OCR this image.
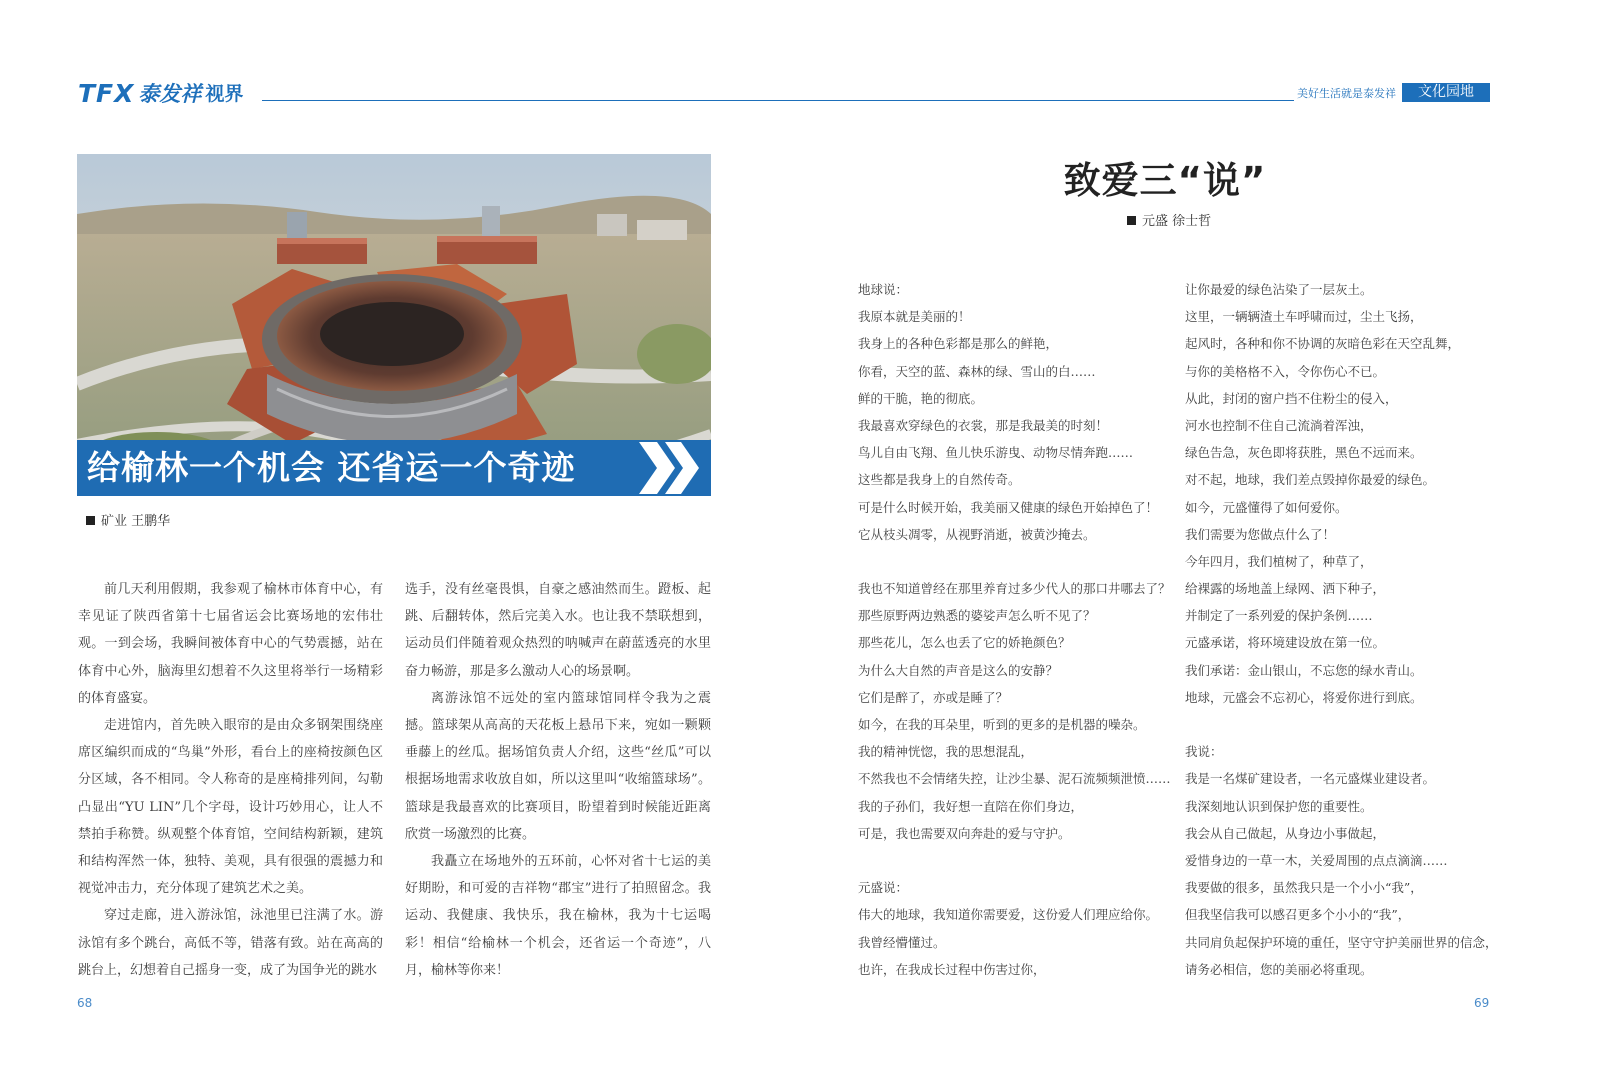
TFX 泰发祥 视界	美好生活就是泰发祥	文化园地
给榆林一个机会 还省运一个奇迹
矿业 王鹏华

前几天利用假期，我参观了榆林市体育中心，有幸见证了陕西省第十七届省运会比赛场地的宏伟壮观。一到会场，我瞬间被体育中心的气势震撼，站在体育中心外，脑海里幻想着不久这里将举行一场精彩的体育盛宴。

走进馆内，首先映入眼帘的是由众多钢架围绕座席区编织而成的“鸟巢”外形，看台上的座椅按颜色区分区域，各不相同。令人称奇的是座椅排列间，勾勒凸显出“YU LIN”几个字母，设计巧妙用心，让人不禁拍手称赞。纵观整个体育馆，空间结构新颖，建筑和结构浑然一体，独特、美观，具有很强的震撼力和视觉冲击力，充分体现了建筑艺术之美。

穿过走廊，进入游泳馆，泳池里已注满了水。游泳馆有多个跳台，高低不等，错落有致。站在高高的跳台上，幻想着自己摇身一变，成了为国争光的跳水

选手，没有丝毫畏惧，自豪之感油然而生。蹬板、起跳、后翻转体，然后完美入水。也让我不禁联想到，运动员们伴随着观众热烈的呐喊声在蔚蓝透亮的水里奋力畅游，那是多么激动人心的场景啊。

离游泳馆不远处的室内篮球馆同样令我为之震撼。篮球架从高高的天花板上悬吊下来，宛如一颗颗垂藤上的丝瓜。据场馆负责人介绍，这些“丝瓜”可以根据场地需求收放自如，所以这里叫“收缩篮球场”。篮球是我最喜欢的比赛项目，盼望着到时候能近距离欣赏一场激烈的比赛。

我矗立在场地外的五环前，心怀对省十七运的美好期盼，和可爱的吉祥物“郡宝”进行了拍照留念。我运动、我健康、我快乐，我在榆林，我为十七运喝彩！相信“给榆林一个机会，还省运一个奇迹”，八月，榆林等你来！

68
致爱三“说”
元盛 徐士哲
地球说：
我原本就是美丽的！
我身上的各种色彩都是那么的鲜艳，
你看，天空的蓝、森林的绿、雪山的白……
鲜的干脆，艳的彻底。
我最喜欢穿绿色的衣裳，那是我最美的时刻！
鸟儿自由飞翔、鱼儿快乐游曳、动物尽情奔跑……
这些都是我身上的自然传奇。
可是什么时候开始，我美丽又健康的绿色开始掉色了！
它从枝头凋零，从视野消逝，被黄沙掩去。
我也不知道曾经在那里养育过多少代人的那口井哪去了？
那些原野两边熟悉的婆娑声怎么听不见了？
那些花儿，怎么也丢了它的娇艳颜色？
为什么大自然的声音是这么的安静？
它们是醉了，亦或是睡了？
如今，在我的耳朵里，听到的更多的是机器的噪杂。
我的精神恍惚，我的思想混乱，
不然我也不会情绪失控，让沙尘暴、泥石流频频泄愤……
我的子孙们，我好想一直陪在你们身边，
可是，我也需要双向奔赴的爱与守护。
元盛说：
伟大的地球，我知道你需要爱，这份爱人们理应给你。
我曾经懵懂过。
也许，在我成长过程中伤害过你，
让你最爱的绿色沾染了一层灰土。
这里，一辆辆渣土车呼啸而过，尘土飞扬，
起风时，各种和你不协调的灰暗色彩在天空乱舞，
与你的美格格不入，令你伤心不已。
从此，封闭的窗户挡不住粉尘的侵入，
河水也控制不住自己流淌着浑浊，
绿色告急，灰色即将获胜，黑色不远而来。
对不起，地球，我们差点毁掉你最爱的绿色。
如今，元盛懂得了如何爱你。
我们需要为您做点什么了！
今年四月，我们植树了，种草了，
给裸露的场地盖上绿网、洒下种子，
并制定了一系列爱的保护条例……
元盛承诺，将环境建设放在第一位。
我们承诺：金山银山，不忘您的绿水青山。
地球，元盛会不忘初心，将爱你进行到底。
我说：
我是一名煤矿建设者，一名元盛煤业建设者。
我深刻地认识到保护您的重要性。
我会从自己做起，从身边小事做起，
爱惜身边的一草一木，关爱周围的点点滴滴……
我要做的很多，虽然我只是一个小小“我”，
但我坚信我可以感召更多个小小的“我”，
共同肩负起保护环境的重任，坚守守护美丽世界的信念，
请务必相信，您的美丽必将重现。
69
